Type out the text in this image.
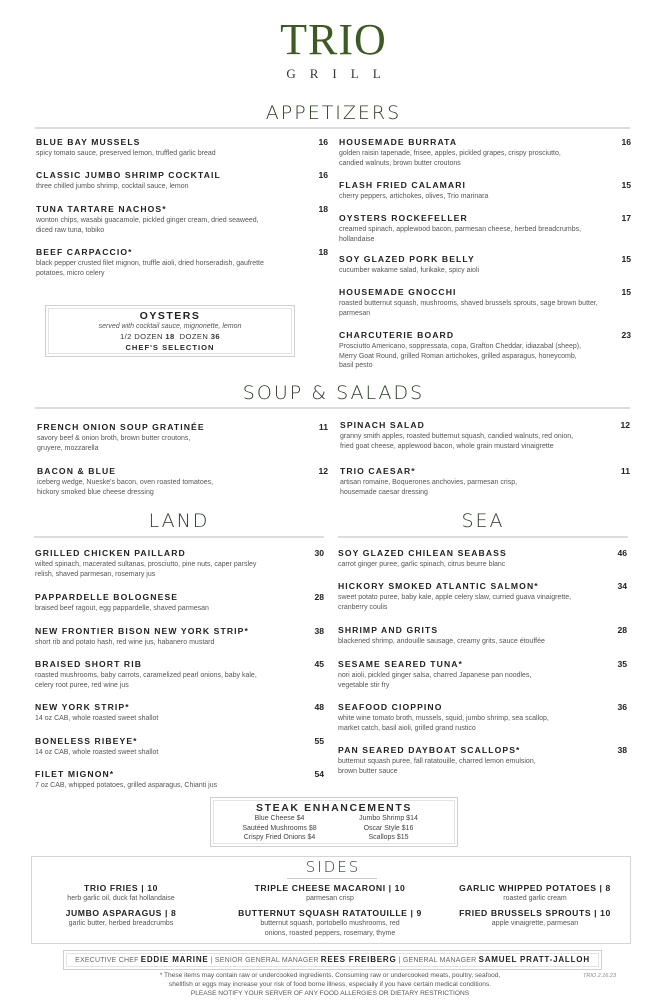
TRIO
GRILL
APPETIZERS
BLUE BAY MUSSELS	16
spicy tomato sauce, preserved lemon, truffled garlic bread
CLASSIC JUMBO SHRIMP COCKTAIL	16
three chilled jumbo shrimp, cocktail sauce, lemon
TUNA TARTARE NACHOS*	18
wonton chips, wasabi guacamole, pickled ginger cream, dried seaweed, diced raw tuna, tobiko
BEEF CARPACCIO*	18
black pepper crusted filet mignon, truffle aioli, dried horseradish, gaufrette potatoes, micro celery
OYSTERS
served with cocktail sauce, mignonette, lemon
1/2 DOZEN 18 DOZEN 36
CHEF'S SELECTION
HOUSEMADE BURRATA	16
golden raisin tapenade, frisee, apples, pickled grapes, crispy prosciutto, candied walnuts, brown butter croutons
FLASH FRIED CALAMARI	15
cherry peppers, artichokes, olives, Trio marinara
OYSTERS ROCKEFELLER	17
creamed spinach, applewood bacon, parmesan cheese, herbed breadcrumbs, hollandaise
SOY GLAZED PORK BELLY	15
cucumber wakame salad, furikake, spicy aioli
HOUSEMADE GNOCCHI	15
roasted butternut squash, mushrooms, shaved brussels sprouts, sage brown butter, parmesan
CHARCUTERIE BOARD	23
Prosciutto Americano, soppressata, copa, Grafton Cheddar, idiazabal (sheep), Merry Goat Round, grilled Roman artichokes, grilled asparagus, honeycomb, basil pesto
SOUP & SALADS
FRENCH ONION SOUP GRATINÉE	11
savory beef & onion broth, brown butter croutons, gruyere, mozzarella
BACON & BLUE	12
iceberg wedge, Nueske's bacon, oven roasted tomatoes, hickory smoked blue cheese dressing
SPINACH SALAD	12
granny smith apples, roasted butternut squash, candied walnuts, red onion, fried goat cheese, applewood bacon, whole grain mustard vinaigrette
TRIO CAESAR*	11
artisan romaine, Boquerones anchovies, parmesan crisp, housemade caesar dressing
LAND
GRILLED CHICKEN PAILLARD	30
wilted spinach, macerated sultanas, prosciutto, pine nuts, caper parsley relish, shaved parmesan, rosemary jus
PAPPARDELLE BOLOGNESE	28
braised beef ragout, egg pappardelle, shaved parmesan
NEW FRONTIER BISON NEW YORK STRIP*	38
short rib and potato hash, red wine jus, habanero mustard
BRAISED SHORT RIB	45
roasted mushrooms, baby carrots, caramelized pearl onions, baby kale, celery root puree, red wine jus
NEW YORK STRIP*	48
14 oz CAB, whole roasted sweet shallot
BONELESS RIBEYE*	55
14 oz CAB, whole roasted sweet shallot
FILET MIGNON*	54
7 oz CAB, whipped potatoes, grilled asparagus, Chianti jus
SEA
SOY GLAZED CHILEAN SEABASS	46
carrot ginger puree, garlic spinach, citrus beurre blanc
HICKORY SMOKED ATLANTIC SALMON*	34
sweet potato puree, baby kale, apple celery slaw, curried guava vinaigrette, cranberry coulis
SHRIMP AND GRITS	28
blackened shrimp, andouille sausage, creamy grits, sauce étouffée
SESAME SEARED TUNA*	35
nori aioli, pickled ginger salsa, charred Japanese pan noodles, vegetable stir fry
SEAFOOD CIOPPINO	36
white wine tomato broth, mussels, squid, jumbo shrimp, sea scallop, market catch, basil aioli, grilled grand rustico
PAN SEARED DAYBOAT SCALLOPS*	38
butternut squash puree, fall ratatouille, charred lemon emulsion, brown butter sauce
STEAK ENHANCEMENTS
Blue Cheese $4	Jumbo Shrimp $14
Sautéed Mushrooms $8	Oscar Style $16
Crispy Fried Onions $4	Scallops $15
SIDES
TRIO FRIES | 10
herb garlic oil, duck fat hollandaise
JUMBO ASPARAGUS | 8
garlic butter, herbed breadcrumbs
TRIPLE CHEESE MACARONI | 10
parmesan crisp
BUTTERNUT SQUASH RATATOUILLE | 9
butternut squash, portobello mushrooms, red onions, roasted peppers, rosemary, thyme
GARLIC WHIPPED POTATOES | 8
roasted garlic cream
FRIED BRUSSELS SPROUTS | 10
apple vinaigrette, parmesan
EXECUTIVE CHEF EDDIE MARINE | SENIOR GENERAL MANAGER REES FREIBERG | GENERAL MANAGER SAMUEL PRATT-JALLOH
* These items may contain raw or undercooked ingredients. Consuming raw or undercooked meats, poultry, seafood,
shellfish or eggs may increase your risk of food borne illness, especially if you have certain medical conditions.
PLEASE NOTIFY YOUR SERVER OF ANY FOOD ALLERGIES OR DIETARY RESTRICTIONS
TRIO 2.16.23
